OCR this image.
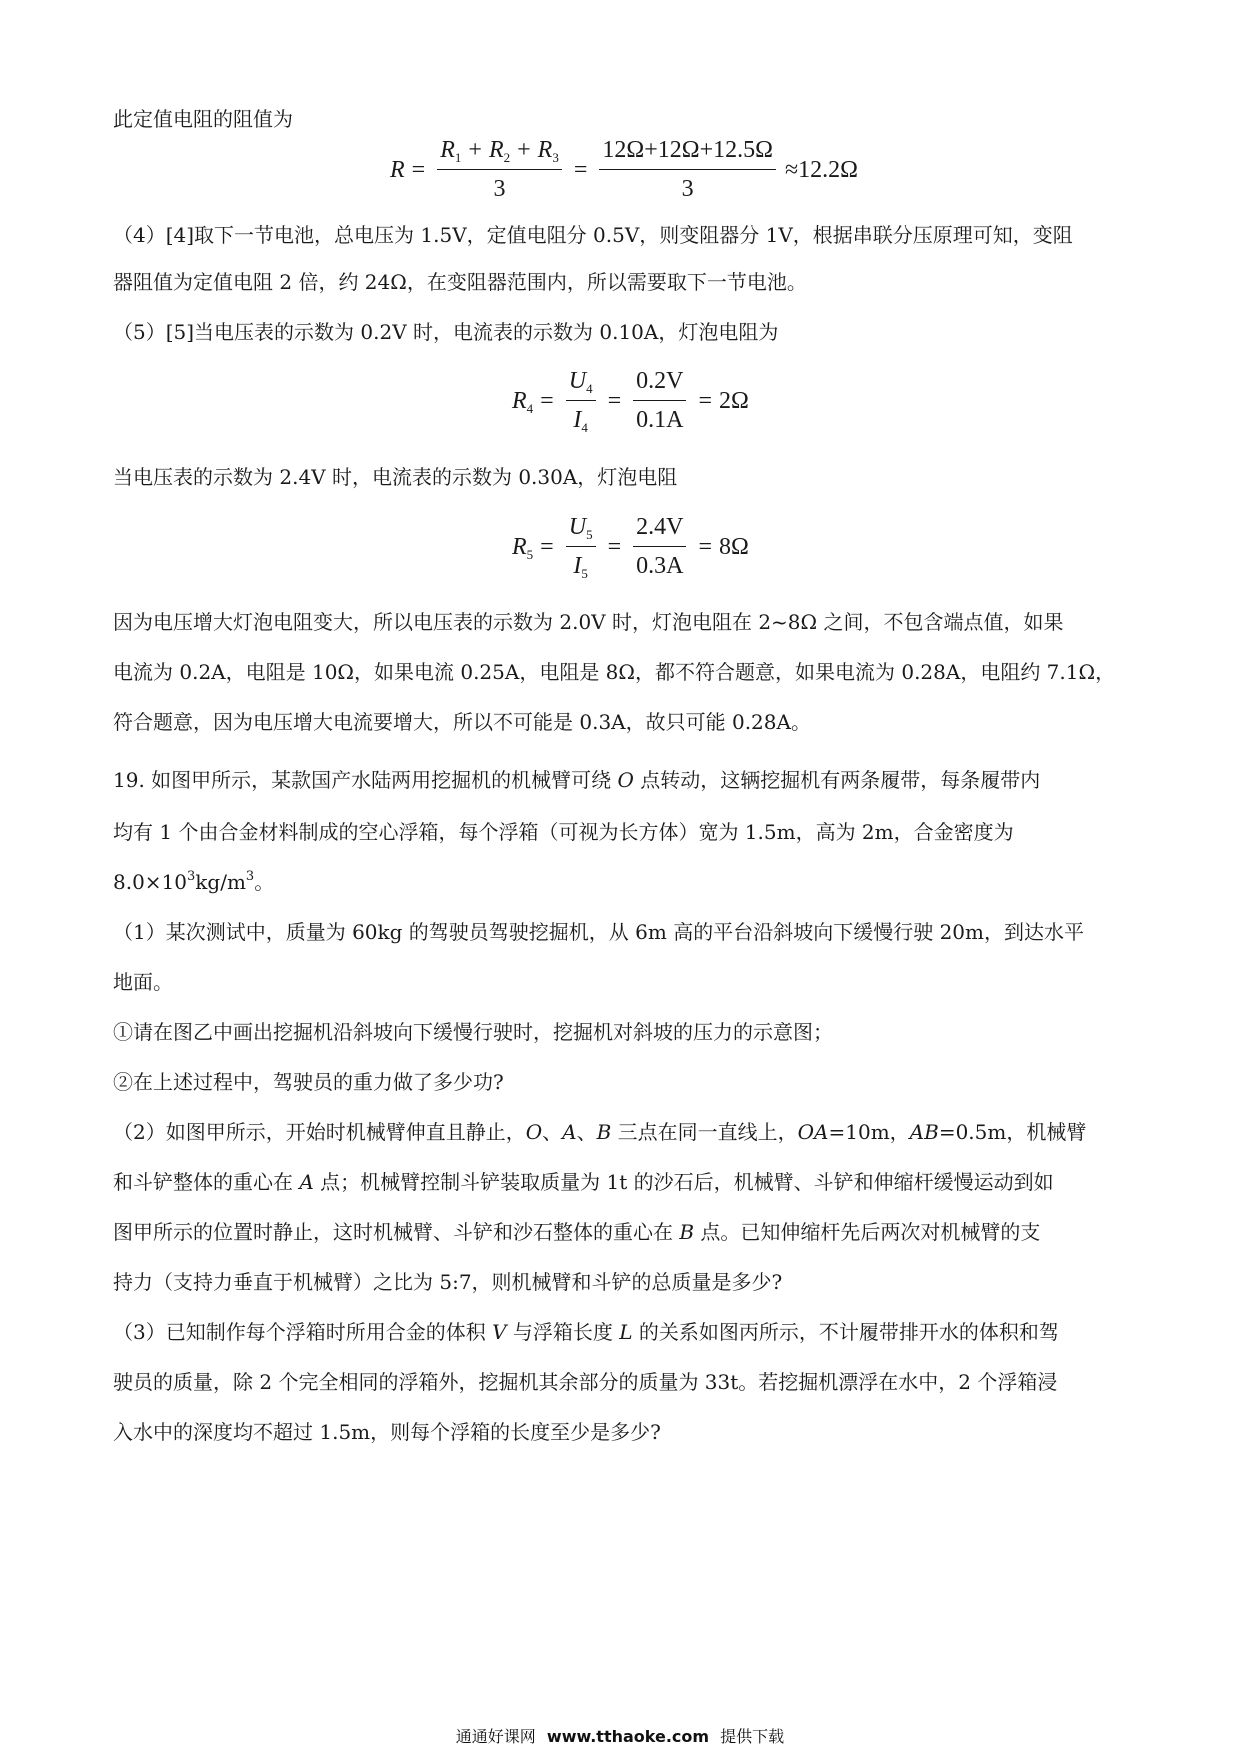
此定值电阻的阻值为
$R = \frac{R_1 + R_2 + R_3}{3} = \frac{12\Omega+12\Omega+12.5\Omega}{3} \approx 12.2\Omega$
（4）[4]取下一节电池，总电压为 1.5V，定值电阻分 0.5V，则变阻器分 1V，根据串联分压原理可知，变阻
器阻值为定值电阻 2 倍，约 24Ω，在变阻器范围内，所以需要取下一节电池。
（5）[5]当电压表的示数为 0.2V 时，电流表的示数为 0.10A，灯泡电阻为
$R_4 = \frac{U_4}{I_4} = \frac{0.2V}{0.1A} = 2\Omega$
当电压表的示数为 2.4V 时，电流表的示数为 0.30A，灯泡电阻
$R_5 = \frac{U_5}{I_5} = \frac{2.4V}{0.3A} = 8\Omega$
因为电压增大灯泡电阻变大，所以电压表的示数为 2.0V 时，灯泡电阻在 2~8Ω 之间，不包含端点值，如果
电流为 0.2A，电阻是 10Ω，如果电流 0.25A，电阻是 8Ω，都不符合题意，如果电流为 0.28A，电阻约 7.1Ω，
符合题意，因为电压增大电流要增大，所以不可能是 0.3A，故只可能 0.28A。
19. 如图甲所示，某款国产水陆两用挖掘机的机械臂可绕 O 点转动，这辆挖掘机有两条履带，每条履带内
均有 1 个由合金材料制成的空心浮箱，每个浮箱（可视为长方体）宽为 1.5m，高为 2m，合金密度为
$8.0\times 10^3kg/m^3$。
（1）某次测试中，质量为 60kg 的驾驶员驾驶挖掘机，从 6m 高的平台沿斜坡向下缓慢行驶 20m，到达水平
地面。
①请在图乙中画出挖掘机沿斜坡向下缓慢行驶时，挖掘机对斜坡的压力的示意图；
②在上述过程中，驾驶员的重力做了多少功?
（2）如图甲所示，开始时机械臂伸直且静止，O、A、B 三点在同一直线上，OA=10m，AB=0.5m，机械臂
和斗铲整体的重心在 A 点；机械臂控制斗铲装取质量为 1t 的沙石后，机械臂、斗铲和伸缩杆缓慢运动到如
图甲所示的位置时静止，这时机械臂、斗铲和沙石整体的重心在 B 点。已知伸缩杆先后两次对机械臂的支
持力（支持力垂直于机械臂）之比为 5:7，则机械臂和斗铲的总质量是多少?
（3）已知制作每个浮箱时所用合金的体积 V 与浮箱长度 L 的关系如图丙所示，不计履带排开水的体积和驾
驶员的质量，除 2 个完全相同的浮箱外，挖掘机其余部分的质量为 33t。若挖掘机漂浮在水中，2 个浮箱浸
入水中的深度均不超过 1.5m，则每个浮箱的长度至少是多少?
通通好课网 www.tthaoke.com 提供下载
